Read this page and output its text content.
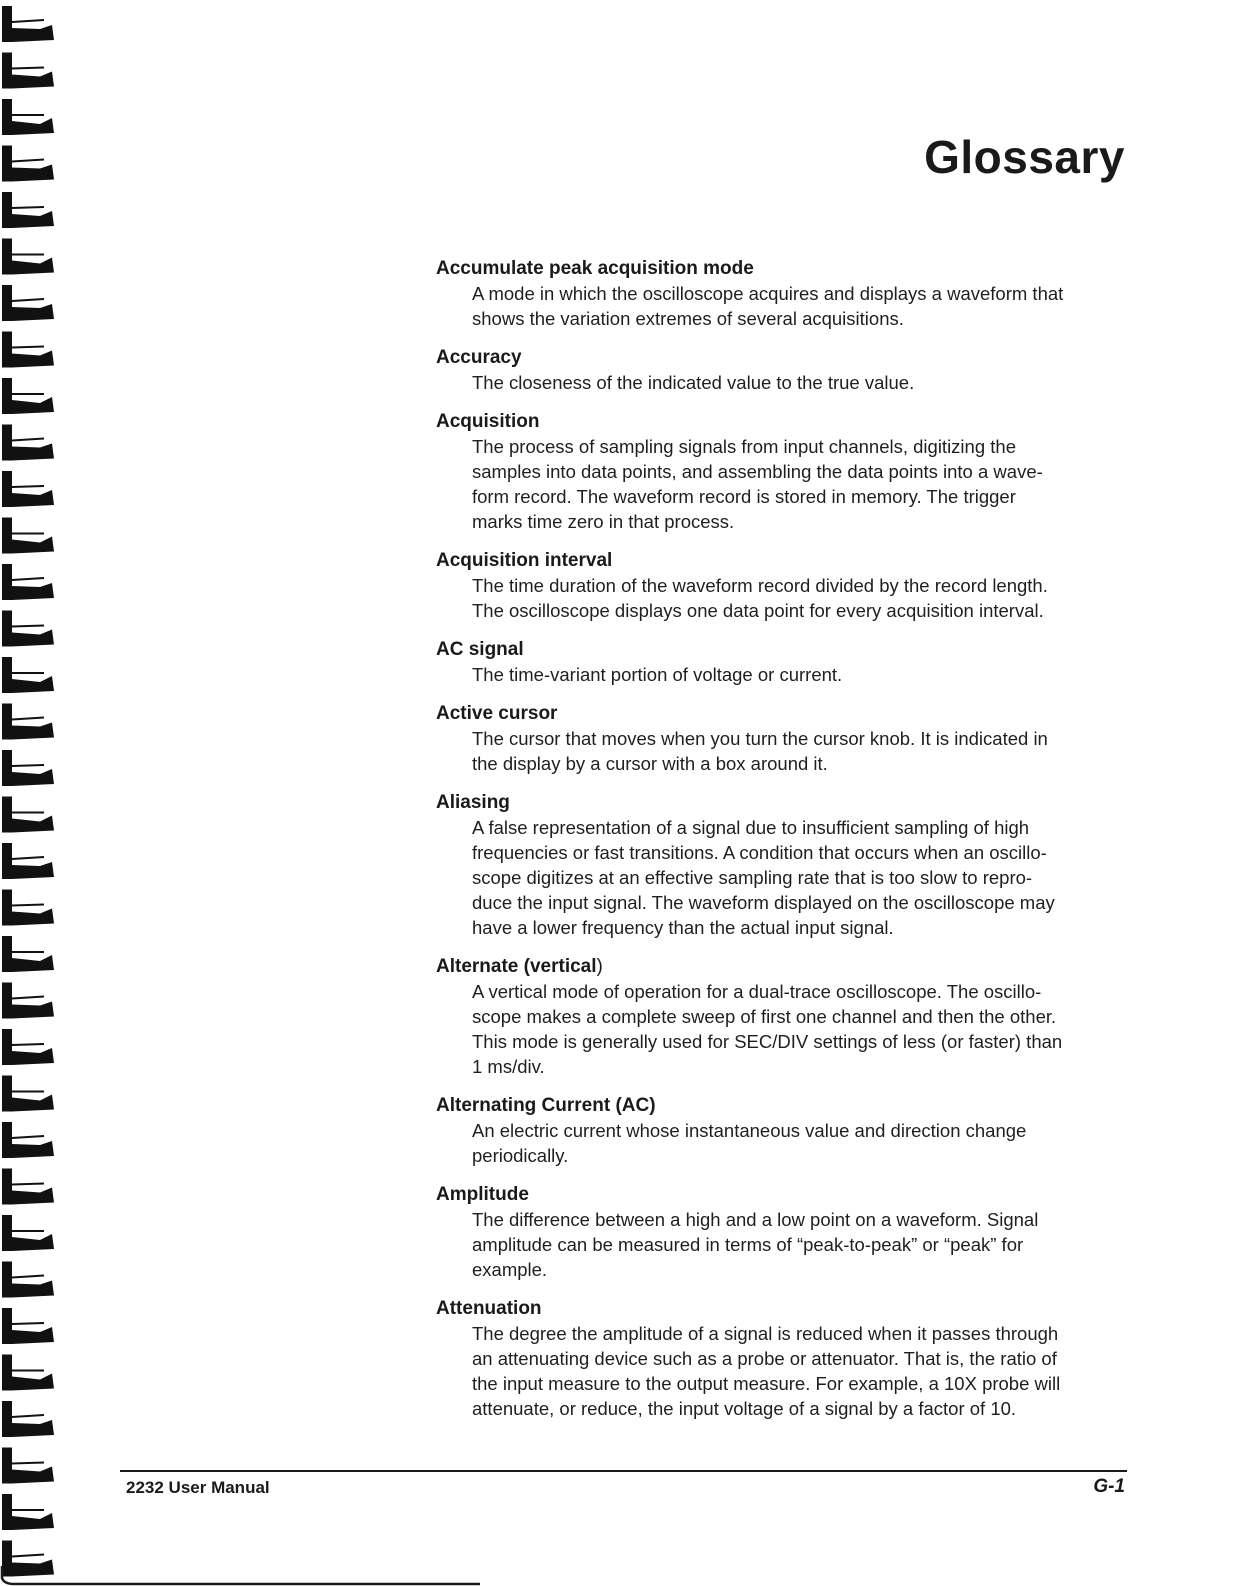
Glossary
Accumulate peak acquisition mode
A mode in which the oscilloscope acquires and displays a waveform that
shows the variation extremes of several acquisitions.
Accuracy
The closeness of the indicated value to the true value.
Acquisition
The process of sampling signals from input channels, digitizing the
samples into data points, and assembling the data points into a wave-
form record. The waveform record is stored in memory. The trigger
marks time zero in that process.
Acquisition interval
The time duration of the waveform record divided by the record length.
The oscilloscope displays one data point for every acquisition interval.
AC signal
The time-variant portion of voltage or current.
Active cursor
The cursor that moves when you turn the cursor knob. It is indicated in
the display by a cursor with a box around it.
Aliasing
A false representation of a signal due to insufficient sampling of high
frequencies or fast transitions. A condition that occurs when an oscillo-
scope digitizes at an effective sampling rate that is too slow to repro-
duce the input signal. The waveform displayed on the oscilloscope may
have a lower frequency than the actual input signal.
Alternate (vertical)
A vertical mode of operation for a dual-trace oscilloscope. The oscillo-
scope makes a complete sweep of first one channel and then the other.
This mode is generally used for SEC/DIV settings of less (or faster) than
1 ms/div.
Alternating Current (AC)
An electric current whose instantaneous value and direction change
periodically.
Amplitude
The difference between a high and a low point on a waveform. Signal
amplitude can be measured in terms of “peak-to-peak” or “peak” for
example.
Attenuation
The degree the amplitude of a signal is reduced when it passes through
an attenuating device such as a probe or attenuator. That is, the ratio of
the input measure to the output measure. For example, a 10X probe will
attenuate, or reduce, the input voltage of a signal by a factor of 10.
2232 User Manual	G-1
